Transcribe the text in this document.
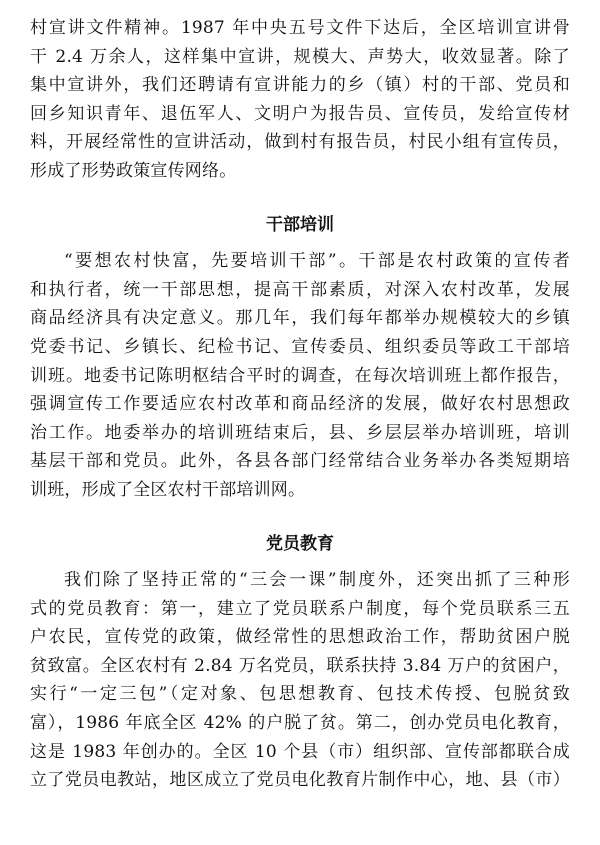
村宣讲文件精神。1987 年中央五号文件下达后，全区培训宣讲骨
干 2.4 万余人，这样集中宣讲，规模大、声势大，收效显著。除了
集中宣讲外，我们还聘请有宣讲能力的乡（镇）村的干部、党员和
回乡知识青年、退伍军人、文明户为报告员、宣传员，发给宣传材
料，开展经常性的宣讲活动，做到村有报告员，村民小组有宣传员，
形成了形势政策宣传网络。
干部培训
“要想农村快富，先要培训干部”。干部是农村政策的宣传者
和执行者，统一干部思想，提高干部素质，对深入农村改革，发展
商品经济具有决定意义。那几年，我们每年都举办规模较大的乡镇
党委书记、乡镇长、纪检书记、宣传委员、组织委员等政工干部培
训班。地委书记陈明枢结合平时的调查，在每次培训班上都作报告，
强调宣传工作要适应农村改革和商品经济的发展，做好农村思想政
治工作。地委举办的培训班结束后，县、乡层层举办培训班，培训
基层干部和党员。此外，各县各部门经常结合业务举办各类短期培
训班，形成了全区农村干部培训网。
党员教育
我们除了坚持正常的“三会一课”制度外，还突出抓了三种形
式的党员教育：第一，建立了党员联系户制度，每个党员联系三五
户农民，宣传党的政策，做经常性的思想政治工作，帮助贫困户脱
贫致富。全区农村有 2.84 万名党员，联系扶持 3.84 万户的贫困户，
实行“一定三包”（定对象、包思想教育、包技术传授、包脱贫致
富），1986 年底全区 42% 的户脱了贫。第二，创办党员电化教育，
这是 1983 年创办的。全区 10 个县（市）组织部、宣传部都联合成
立了党员电教站，地区成立了党员电化教育片制作中心，地、县（市）
